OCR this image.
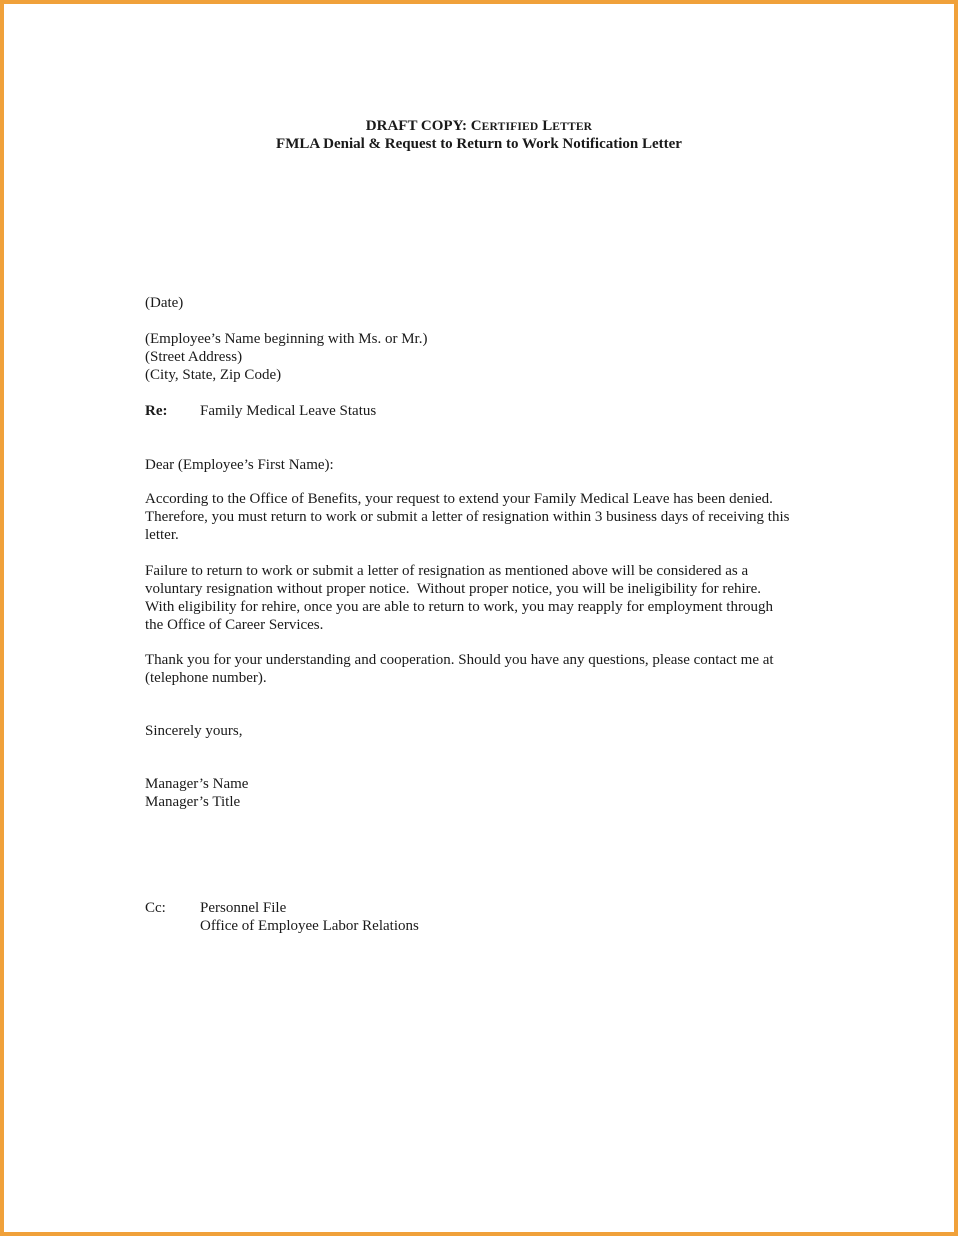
DRAFT COPY: CERTIFIED LETTER
FMLA Denial & Request to Return to Work Notification Letter
(Date)
(Employee’s Name beginning with Ms. or Mr.)
(Street Address)
(City, State, Zip Code)
Re: Family Medical Leave Status
Dear (Employee’s First Name):
According to the Office of Benefits, your request to extend your Family Medical Leave has been denied.
Therefore, you must return to work or submit a letter of resignation within 3 business days of receiving this
letter.
Failure to return to work or submit a letter of resignation as mentioned above will be considered as a
voluntary resignation without proper notice.  Without proper notice, you will be ineligibility for rehire.
With eligibility for rehire, once you are able to return to work, you may reapply for employment through
the Office of Career Services.
Thank you for your understanding and cooperation. Should you have any questions, please contact me at
(telephone number).
Sincerely yours,
Manager’s Name
Manager’s Title
Cc: Personnel File
Office of Employee Labor Relations
